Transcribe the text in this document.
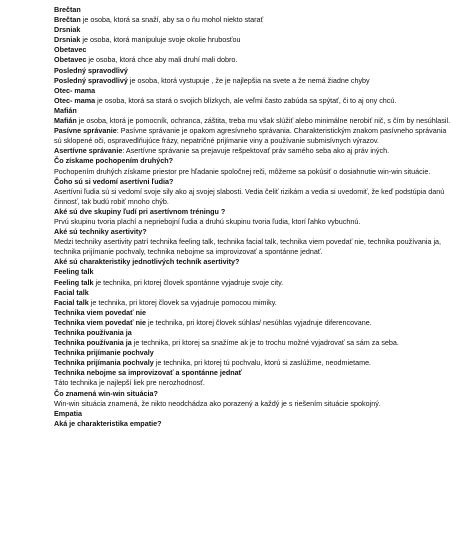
Brečtan
Brečtan je osoba, ktorá sa snaží, aby sa o ňu mohol niekto starať
Drsniak
Drsniak je osoba, ktorá manipuluje svoje okolie hrubosťou
Obetavec
Obetavec je osoba, ktorá chce aby mali druhí mali dobro.
Posledný spravodlivý
Posledný spravodlivý je osoba, ktorá vystupuje , že je najlepšia na svete a že nemá žiadne chyby
Otec- mama
Otec- mama je osoba, ktorá sa stará o svojich blízkych, ale veľmi často zabúda sa spýtať, či to aj ony chcú.
Mafián
Mafián je osoba, ktorá je pomocník, ochranca, záštita, treba mu však slúžiť alebo minimálne nerobiť nič, s čím by nesúhlasil.
Pasívne správanie: Pasívne správanie je opakom agresívneho správania. Charakteristickým znakom pasívneho správania sú sklopené oči, ospravedlňujúce frázy, nepatričné prijímanie viny a používanie submisívnych výrazov.
Asertívne správanie: Asertívne správanie sa prejavuje rešpektovať práv samého seba ako aj práv iných.
Čo získame pochopením druhých?
Pochopením druhých získame priestor pre hľadanie spoločnej reči, môžeme sa pokúsiť o dosiahnutie win-win situácie.
Čoho sú si vedomí asertívni ľudia?
Asertívni ľudia sú si vedomí svoje sily ako aj svojej slabosti. Vedia čeliť rizikám a vedia si uvedomiť, že keď podstúpia danú činnosť, tak budú robiť mnoho chýb.
Aké sú dve skupiny ľudí pri asertívnom tréningu ?
Prvú skupinu tvoria plachí a nepriebojní ľudia a druhú skupinu tvoria ľudia, ktorí ľahko vybuchnú.
Aké sú techniky asertivity?
Medzi techniky asertivity patrí technika feeling talk, technika facial talk, technika viem povedať nie, technika používania ja, technika prijímanie pochvaly, technika nebojme sa improvizovať a spontánne jednať.
Aké sú charakteristiky jednotlivých techník asertivity?
Feeling talk
Feeling talk je technika, pri ktorej človek spontánne vyjadruje svoje city.
Facial talk
Facial talk je technika, pri ktorej človek sa vyjadruje pomocou mimiky.
Technika viem povedať nie
Technika viem povedať nie je technika, pri ktorej človek súhlas/ nesúhlas vyjadruje diferencovane.
Technika používania ja
Technika používania ja je technika, pri ktorej sa snažíme ak je to trochu možné vyjadrovať sa sám za seba.
Technika prijímanie pochvaly
Technika prijímania pochvaly je technika, pri ktorej tú pochvalu, ktorú si zaslúžime, neodmietame.
Technika nebojme sa improvizovať a spontánne jednať
Táto technika je najlepší liek pre nerozhodnosť.
Čo znamená win-win situácia?
Win-win situácia znamená, že nikto neodchádza ako porazený a každý je s riešením situácie spokojný.
Empatia
Aká je charakteristika empatie?
